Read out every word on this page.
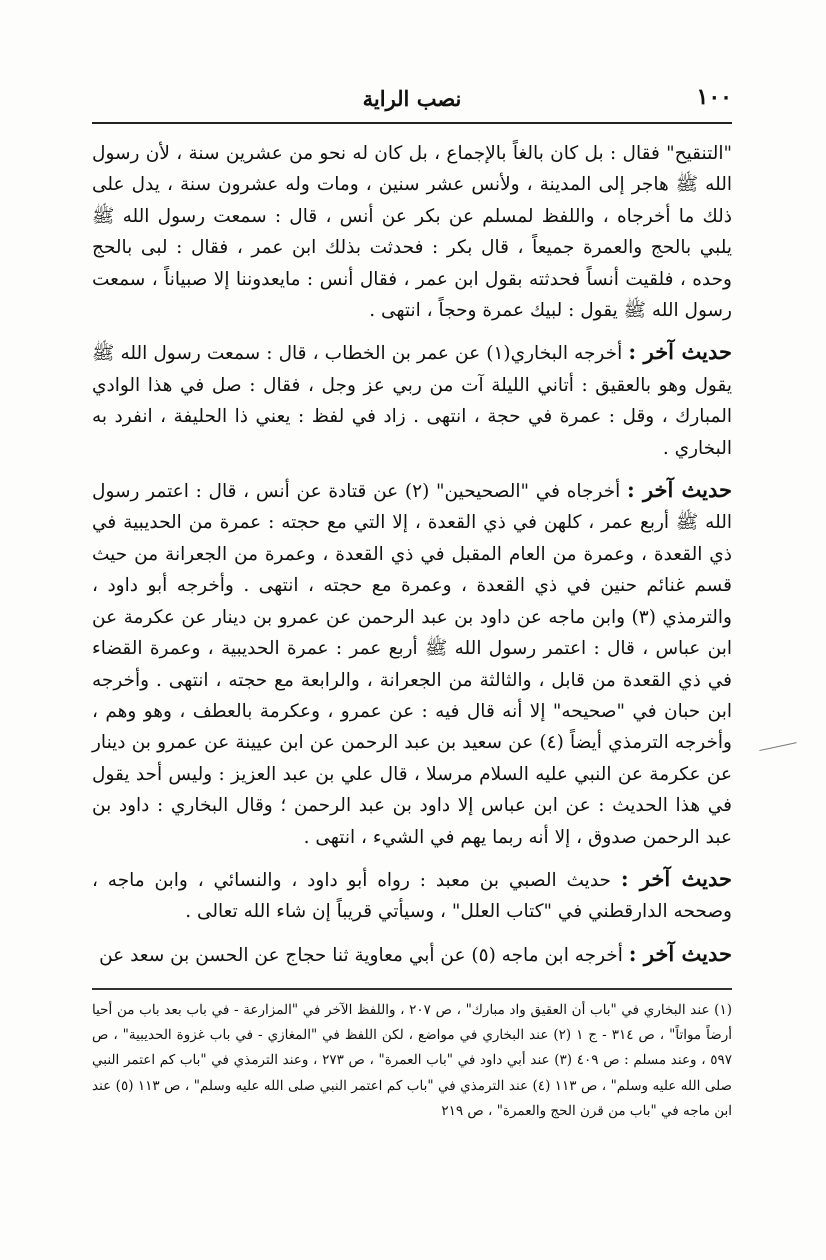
١٠٠
نصب الراية

"التنقيح" فقال : بل كان بالغاً بالإجماع ، بل كان له نحو من عشرين سنة ، لأن رسول الله ﷺ هاجر إلى المدينة ، ولأنس عشر سنين ، ومات وله عشرون سنة ، يدل على ذلك ما أخرجاه ، واللفظ لمسلم عن بكر عن أنس ، قال : سمعت رسول الله ﷺ يلبي بالحج والعمرة جميعاً ، قال بكر : فحدثت بذلك ابن عمر ، فقال : لبى بالحج وحده ، فلقيت أنساً فحدثته بقول ابن عمر ، فقال أنس : مايعدوننا إلا صبياناً ، سمعت رسول الله ﷺ يقول : لبيك عمرة وحجاً ، انتهى .

حديث آخر : أخرجه البخاري(١) عن عمر بن الخطاب ، قال : سمعت رسول الله ﷺ يقول وهو بالعقيق : أتاني الليلة آت من ربي عز وجل ، فقال : صل في هذا الوادي المبارك ، وقل : عمرة في حجة ، انتهى . زاد في لفظ : يعني ذا الحليفة ، انفرد به البخاري .

حديث آخر : أخرجاه في "الصحيحين" (٢) عن قتادة عن أنس ، قال : اعتمر رسول الله ﷺ أربع عمر ، كلهن في ذي القعدة ، إلا التي مع حجته : عمرة من الحديبية في ذي القعدة ، وعمرة من العام المقبل في ذي القعدة ، وعمرة من الجعرانة من حيث قسم غنائم حنين في ذي القعدة ، وعمرة مع حجته ، انتهى . وأخرجه أبو داود ، والترمذي (٣) وابن ماجه عن داود بن عبد الرحمن عن عمرو بن دينار عن عكرمة عن ابن عباس ، قال : اعتمر رسول الله ﷺ أربع عمر : عمرة الحديبية ، وعمرة القضاء في ذي القعدة من قابل ، والثالثة من الجعرانة ، والرابعة مع حجته ، انتهى . وأخرجه ابن حبان في "صحيحه" إلا أنه قال فيه : عن عمرو ، وعكرمة بالعطف ، وهو وهم ، وأخرجه الترمذي أيضاً (٤) عن سعيد بن عبد الرحمن عن ابن عيينة عن عمرو بن دينار عن عكرمة عن النبي عليه السلام مرسلا ، قال علي بن عبد العزيز : وليس أحد يقول في هذا الحديث : عن ابن عباس إلا داود بن عبد الرحمن ؛ وقال البخاري : داود بن عبد الرحمن صدوق ، إلا أنه ربما يهم في الشيء ، انتهى .

حديث آخر : حديث الصبي بن معبد : رواه أبو داود ، والنسائي ، وابن ماجه ، وصححه الدارقطني في "كتاب العلل" ، وسيأتي قريباً إن شاء الله تعالى .

حديث آخر : أخرجه ابن ماجه (٥) عن أبي معاوية ثنا حجاج عن الحسن بن سعد عن

(١) عند البخاري في "باب أن العقيق واد مبارك" ، ص ٢٠٧ ، واللفظ الآخر في "المزارعة - في باب بعد باب من أحيا أرضاً مواتاً" ، ص ٣١٤ - ج ١ (٢) عند البخاري في مواضع ، لكن اللفظ في "المغازي - في باب غزوة الحديبية" ، ص ٥٩٧ ، وعند مسلم : ص ٤٠٩ (٣) عند أبي داود في "باب العمرة" ، ص ٢٧٣ ، وعند الترمذي في "باب كم اعتمر النبي صلى الله عليه وسلم" ، ص ١١٣ (٤) عند الترمذي في "باب كم اعتمر النبي صلى الله عليه وسلم" ، ص ١١٣ (٥) عند ابن ماجه في "باب من قرن الحج والعمرة" ، ص ٢١٩
